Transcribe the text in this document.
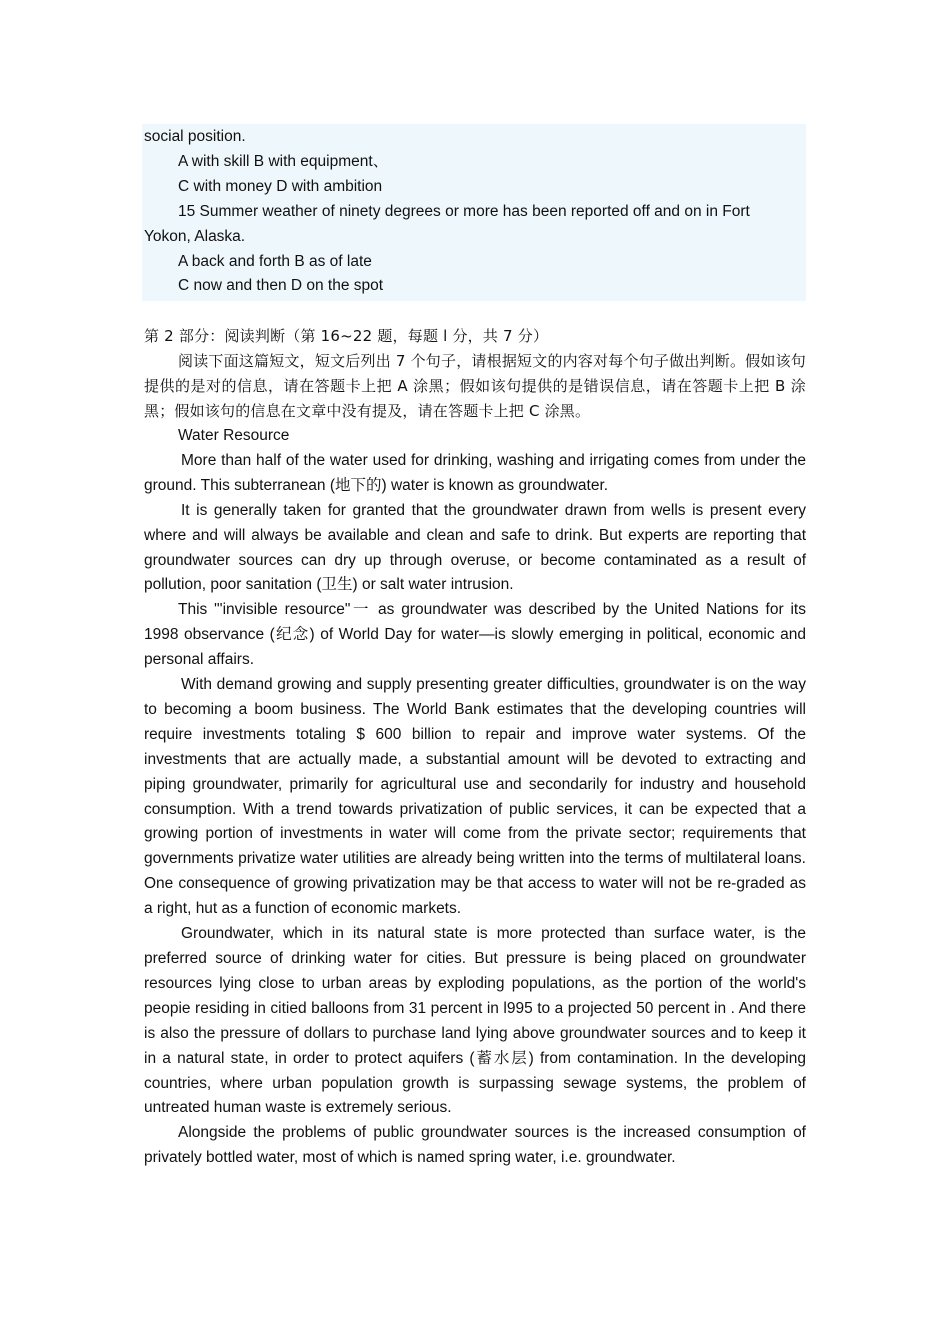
social position.
A with skill B with equipment、
C with money D with ambition
15 Summer weather of ninety degrees or more has been reported off and on in Fort
Yokon, Alaska.
A back and forth B as of late
C now and then D on the spot
第 2 部分：阅读判断（第 16~22 题，每题 l 分，共 7 分）
阅读下面这篇短文，短文后列出 7 个句子，请根据短文的内容对每个句子做出判断。假如该句提供的是对的信息，请在答题卡上把 A 涂黑；假如该句提供的是错误信息，请在答题卡上把 B 涂黑；假如该句的信息在文章中没有提及，请在答题卡上把 C 涂黑。
Water Resource

More than half of the water used for drinking, washing and irrigating comes from under the ground. This subterranean (地下的) water is known as groundwater.

It is generally taken for granted that the groundwater drawn from wells is present every where and will always be available and clean and safe to drink. But experts are reporting that groundwater sources can dry up through overuse, or become contaminated as a result of pollution, poor sanitation (卫生) or salt water intrusion.

This "'invisible resource"一 as groundwater was described by the United Nations for its 1998 observance (纪念) of World Day for water—is slowly emerging in political, economic and personal affairs.

With demand growing and supply presenting greater difficulties, groundwater is on the way to becoming a boom business. The World Bank estimates that the developing countries will require investments totaling $ 600 billion to repair and improve water systems. Of the investments that are actually made, a substantial amount will be devoted to extracting and piping groundwater, primarily for agricultural use and secondarily for industry and household consumption. With a trend towards privatization of public services, it can be expected that a growing portion of investments in water will come from the private sector; requirements that governments privatize water utilities are already being written into the terms of multilateral loans. One consequence of growing privatization may be that access to water will not be re-graded as a right, hut as a function of economic markets.

Groundwater, which in its natural state is more protected than surface water, is the preferred source of drinking water for cities. But pressure is being placed on groundwater resources lying close to urban areas by exploding populations, as the portion of the world's peopie residing in citied balloons from 31 percent in l995 to a projected 50 percent in . And there is also the pressure of dollars to purchase land lying above groundwater sources and to keep it in a natural state, in order to protect aquifers (蓄水层) from contamination. In the developing countries, where urban population growth is surpassing sewage systems, the problem of untreated human waste is extremely serious.

Alongside the problems of public groundwater sources is the increased consumption of privately bottled water, most of which is named spring water, i.e. groundwater.
